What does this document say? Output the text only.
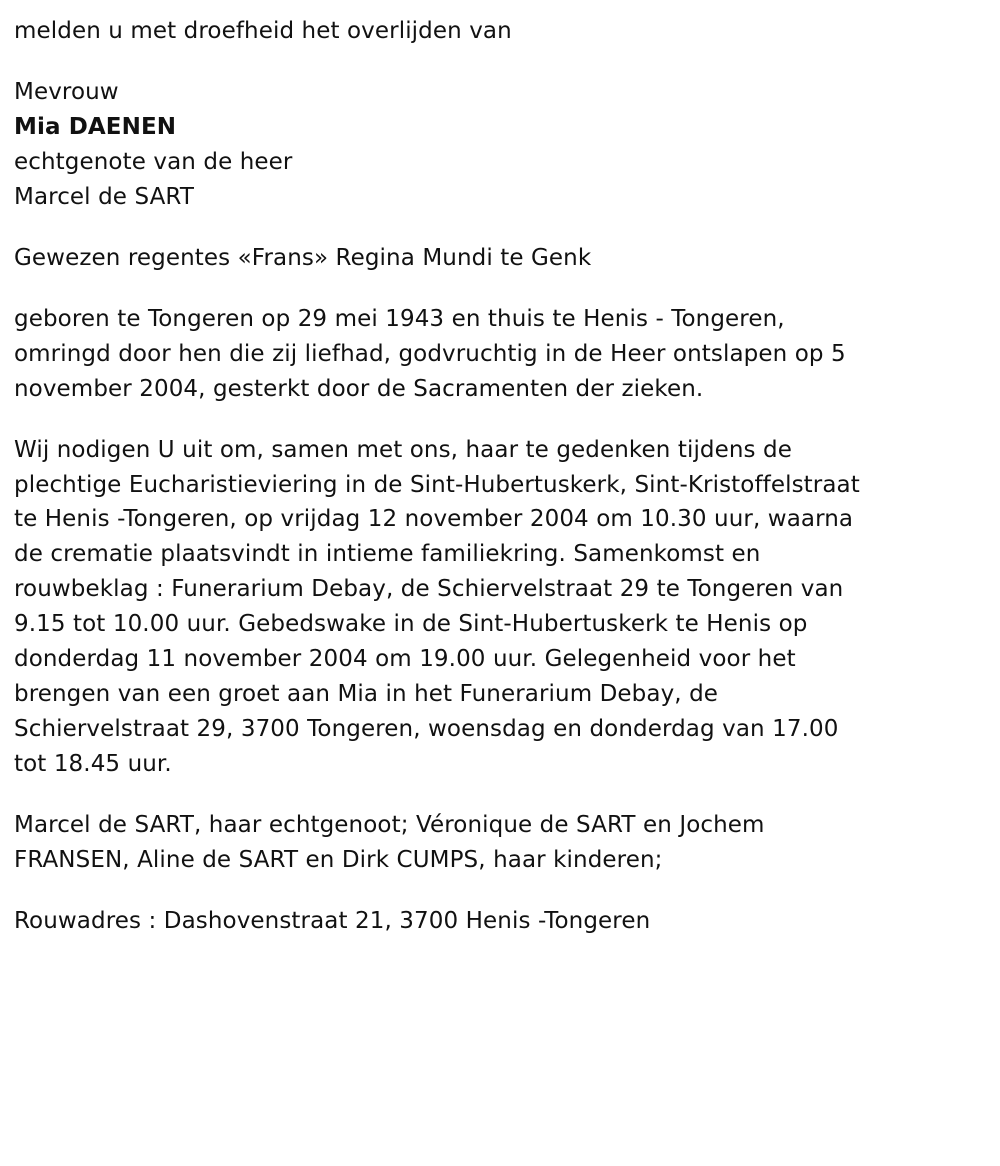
melden u met droefheid het overlijden van

Mevrouw
Mia DAENEN
echtgenote van de heer
Marcel de SART

Gewezen regentes «Frans» Regina Mundi te Genk

geboren te Tongeren op 29 mei 1943 en thuis te Henis - Tongeren,
omringd door hen die zij liefhad, godvruchtig in de Heer ontslapen op 5
november 2004, gesterkt door de Sacramenten der zieken.

Wij nodigen U uit om, samen met ons, haar te gedenken tijdens de
plechtige Eucharistieviering in de Sint-Hubertuskerk, Sint-Kristoffelstraat
te Henis -Tongeren, op vrijdag 12 november 2004 om 10.30 uur, waarna
de crematie plaatsvindt in intieme familiekring. Samenkomst en
rouwbeklag : Funerarium Debay, de Schiervelstraat 29 te Tongeren van
9.15 tot 10.00 uur. Gebedswake in de Sint-Hubertuskerk te Henis op
donderdag 11 november 2004 om 19.00 uur. Gelegenheid voor het
brengen van een groet aan Mia in het Funerarium Debay, de
Schiervelstraat 29, 3700 Tongeren, woensdag en donderdag van 17.00
tot 18.45 uur.

Marcel de SART, haar echtgenoot; Véronique de SART en Jochem
FRANSEN, Aline de SART en Dirk CUMPS, haar kinderen;

Rouwadres : Dashovenstraat 21, 3700 Henis -Tongeren
